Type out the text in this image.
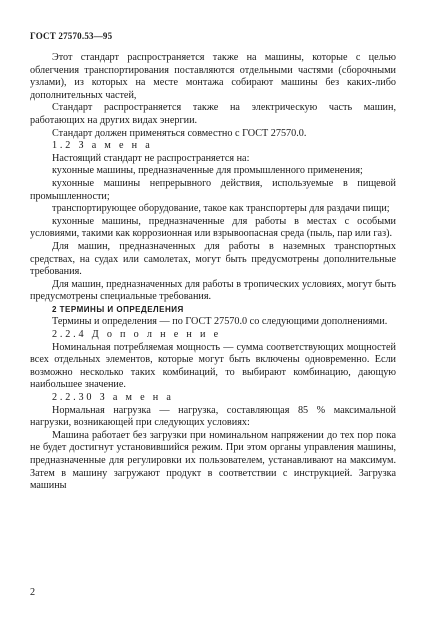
ГОСТ 27570.53—95

Этот стандарт распространяется также на машины, которые с целью облегчения транспортирования поставляются отдельными частями (сборочными узлами), из которых на месте монтажа собирают машины без каких-либо дополнительных частей,

Стандарт распространяется также на электрическую часть машин, работающих на других видах энергии.

Стандарт должен применяться совместно с ГОСТ 27570.0.

1.2 З а м е н а

Настоящий стандарт не распространяется на:

кухонные машины, предназначенные для промышленного применения;

кухонные машины непрерывного действия, используемые в пищевой промышленности;

транспортирующее оборудование, такое как транспортеры для раздачи пищи;

кухонные машины, предназначенные для работы в местах с особыми условиями, такими как коррозионная или взрывоопасная среда (пыль, пар или газ).

Для машин, предназначенных для работы в наземных транспортных средствах, на судах или самолетах, могут быть предусмотрены дополнительные требования.

Для машин, предназначенных для работы в тропических условиях, могут быть предусмотрены специальные требования.

2 ТЕРМИНЫ И ОПРЕДЕЛЕНИЯ

Термины и определения — по ГОСТ 27570.0 со следующими дополнениями.

2.2.4 Д о п о л н е н и е

Номинальная потребляемая мощность — сумма соответствующих мощностей всех отдельных элементов, которые могут быть включены одновременно. Если возможно несколько таких комбинаций, то выбирают комбинацию, дающую наибольшее значение.

2.2.30 З а м е н а

Нормальная нагрузка — нагрузка, составляющая 85 % максимальной нагрузки, возникающей при следующих условиях:

Машина работает без загрузки при номинальном напряжении до тех пор пока не будет достигнут установившийся режим. При этом органы управления машины, предназначенные для регулировки их пользователем, устанавливают на максимум. Затем в машину загружают продукт в соответствии с инструкцией. Загрузка машины

2
